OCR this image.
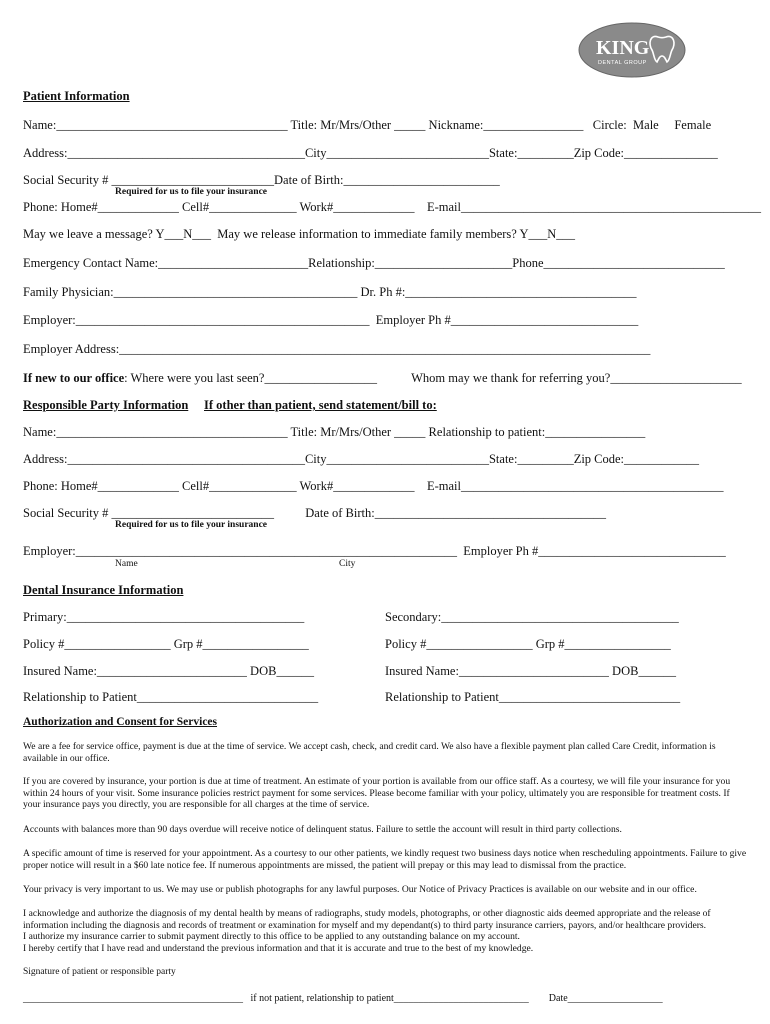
KING
DENTAL GROUP
Patient Information
Name:_____________________________________ Title: Mr/Mrs/Other _____ Nickname:________________   Circle:  Male     Female
Address:______________________________________City__________________________State:_________Zip Code:_______________
Social Security # __________________________Date of Birth:_________________________
Required for us to file your insurance
Phone: Home#_____________ Cell#______________ Work#_____________    E-mail________________________________________________
May we leave a message? Y___N___  May we release information to immediate family members? Y___N___
Emergency Contact Name:________________________Relationship:______________________Phone_____________________________
Family Physician:_______________________________________ Dr. Ph #:_____________________________________
Employer:_______________________________________________  Employer Ph #______________________________
Employer Address:_____________________________________________________________________________________
If new to our office: Where were you last seen?__________________           Whom may we thank for referring you?_____________________
Responsible Party Information If other than patient, send statement/bill to:
Name:_____________________________________ Title: Mr/Mrs/Other _____ Relationship to patient:________________
Address:______________________________________City__________________________State:_________Zip Code:____________
Phone: Home#_____________ Cell#______________ Work#_____________    E-mail__________________________________________
Social Security # __________________________          Date of Birth:_____________________________________
Required for us to file your insurance
Employer:_____________________________________________________________  Employer Ph #______________________________
Name	City
Dental Insurance Information
Primary:______________________________________	Secondary:______________________________________
Policy #_________________ Grp #_________________	Policy #_________________ Grp #_________________
Insured Name:________________________ DOB______	Insured Name:________________________ DOB______
Relationship to Patient_____________________________	Relationship to Patient_____________________________
Authorization and Consent for Services
We are a fee for service office, payment is due at the time of service. We accept cash, check, and credit card. We also have a flexible payment plan called Care Credit, information is available in our office.
If you are covered by insurance, your portion is due at time of treatment. An estimate of your portion is available from our office staff. As a courtesy, we will file your insurance for you within 24 hours of your visit. Some insurance policies restrict payment for some services. Please become familiar with your policy, ultimately you are responsible for treatment costs. If your insurance pays you directly, you are responsible for all charges at the time of service.
Accounts with balances more than 90 days overdue will receive notice of delinquent status. Failure to settle the account will result in third party collections.
A specific amount of time is reserved for your appointment. As a courtesy to our other patients, we kindly request two business days notice when rescheduling appointments. Failure to give proper notice will result in a $60 late notice fee. If numerous appointments are missed, the patient will prepay or this may lead to dismissal from the practice.
Your privacy is very important to us. We may use or publish photographs for any lawful purposes. Our Notice of Privacy Practices is available on our website and in our office.
I acknowledge and authorize the diagnosis of my dental health by means of radiographs, study models, photographs, or other diagnostic aids deemed appropriate and the release of information including the diagnosis and records of treatment or examination for myself and my dependant(s) to third party insurance carriers, payors, and/or healthcare providers.
I authorize my insurance carrier to submit payment directly to this office to be applied to any outstanding balance on my account.
I hereby certify that I have read and understand the previous information and that it is accurate and true to the best of my knowledge.
Signature of patient or responsible party
____________________________________________   if not patient, relationship to patient___________________________        Date___________________
